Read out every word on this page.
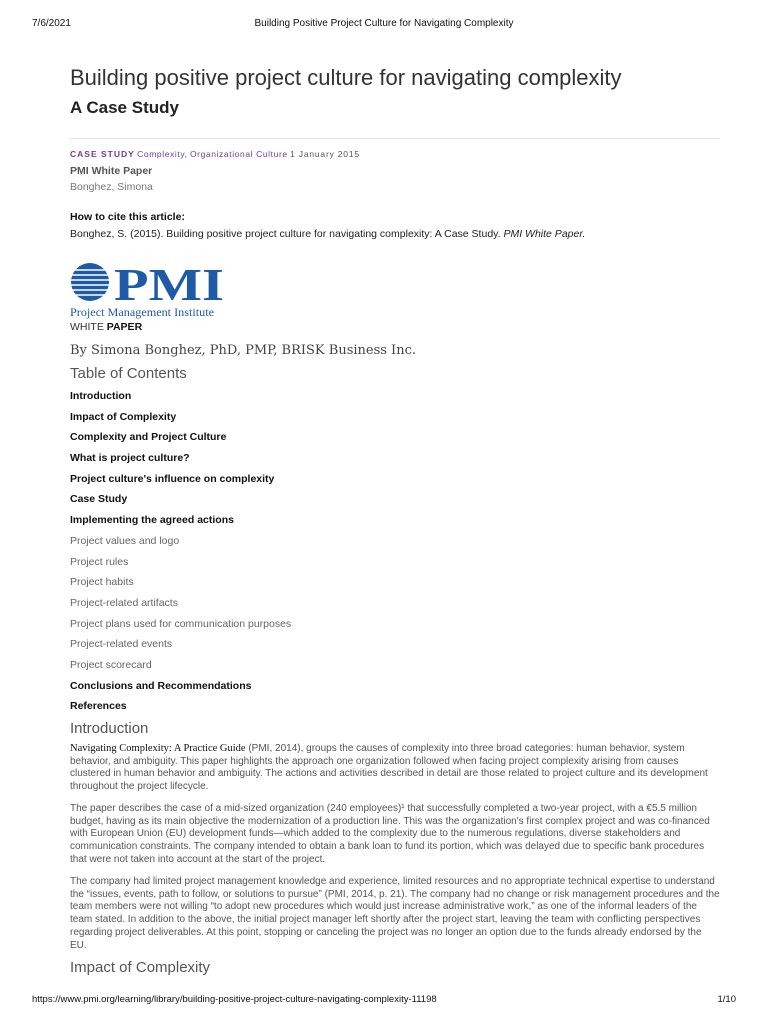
7/6/2021	Building Positive Project Culture for Navigating Complexity
Building positive project culture for navigating complexity
A Case Study
CASE STUDY Complexity, Organizational Culture 1 January 2015
PMI White Paper
Bonghez, Simona
How to cite this article:
Bonghez, S. (2015). Building positive project culture for navigating complexity: A Case Study. PMI White Paper.
PMI
Project Management Institute
WHITE PAPER
By Simona Bonghez, PhD, PMP, BRISK Business Inc.
Table of Contents
Introduction
Impact of Complexity
Complexity and Project Culture
What is project culture?
Project culture's influence on complexity
Case Study
Implementing the agreed actions
Project values and logo
Project rules
Project habits
Project-related artifacts
Project plans used for communication purposes
Project-related events
Project scorecard
Conclusions and Recommendations
References
Introduction

Navigating Complexity: A Practice Guide (PMI, 2014), groups the causes of complexity into three broad categories: human behavior, system behavior, and ambiguity. This paper highlights the approach one organization followed when facing project complexity arising from causes clustered in human behavior and ambiguity. The actions and activities described in detail are those related to project culture and its development throughout the project lifecycle.

The paper describes the case of a mid-sized organization (240 employees)¹ that successfully completed a two-year project, with a €5.5 million budget, having as its main objective the modernization of a production line. This was the organization's first complex project and was co-financed with European Union (EU) development funds—which added to the complexity due to the numerous regulations, diverse stakeholders and communication constraints. The company intended to obtain a bank loan to fund its portion, which was delayed due to specific bank procedures that were not taken into account at the start of the project.

The company had limited project management knowledge and experience, limited resources and no appropriate technical expertise to understand the “issues, events, path to follow, or solutions to pursue” (PMI, 2014, p. 21). The company had no change or risk management procedures and the team members were not willing “to adopt new procedures which would just increase administrative work,” as one of the informal leaders of the team stated. In addition to the above, the initial project manager left shortly after the project start, leaving the team with conflicting perspectives regarding project deliverables. At this point, stopping or canceling the project was no longer an option due to the funds already endorsed by the EU.

Impact of Complexity
https://www.pmi.org/learning/library/building-positive-project-culture-navigating-complexity-11198	1/10
